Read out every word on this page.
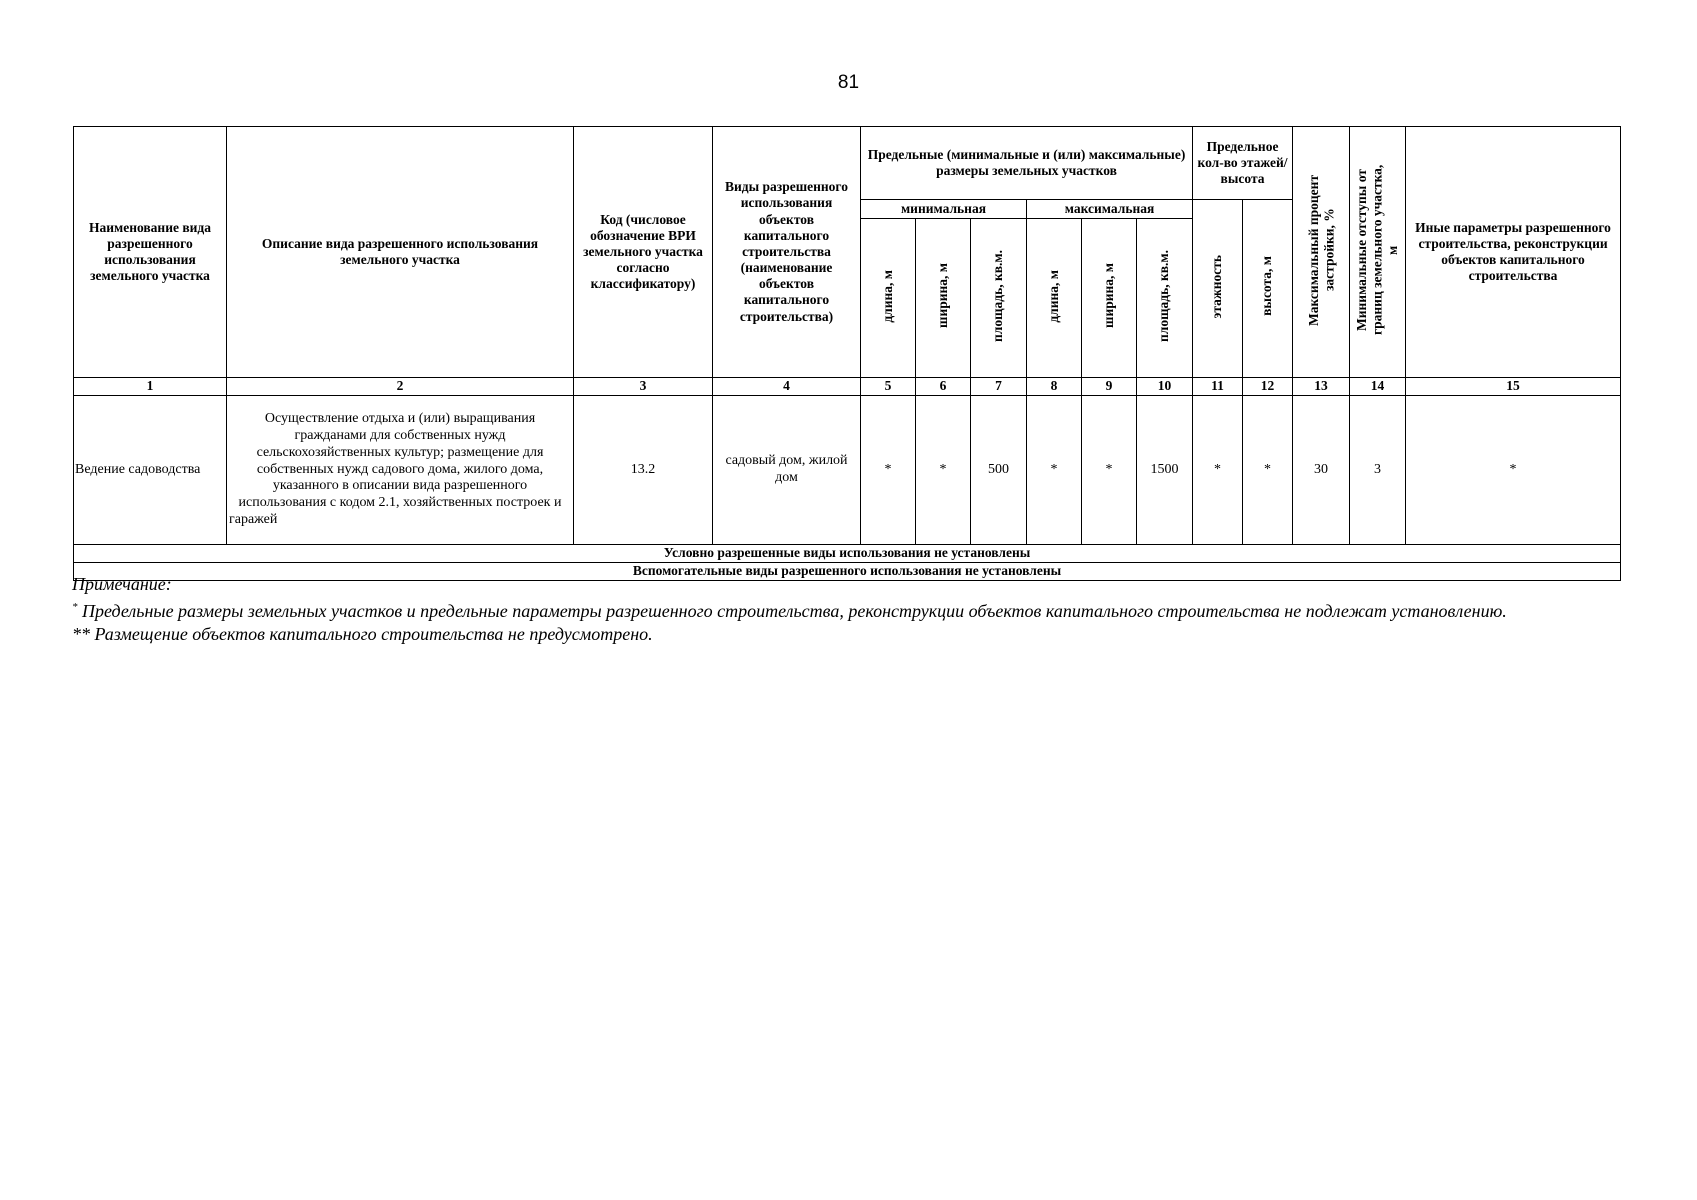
81
Наименование вида разрешенного использования земельного участка	Описание вида разрешенного использования земельного участка	Код (числовое обозначение ВРИ земельного участка согласно классификатору)	Виды разрешенного использования объектов капитального строительства (наименование объектов капитального строительства)	Предельные (минимальные и (или) максимальные) размеры земельных участков						Предельное кол-во этажей/ высота		Максимальный процент застройки, %	Минимальные отступы от границ земельного участка, м	Иные параметры разрешенного строительства, реконструкции объектов капитального строительства
				минимальная			максимальная			этажность	высота, м			
				длина, м	ширина, м	площадь, кв.м.	длина, м	ширина, м	площадь, кв.м.					
1	2	3	4	5	6	7	8	9	10	11	12	13	14	15
Ведение садоводства	Осуществление отдыха и (или) выращивания гражданами для собственных нужд сельскохозяйственных культур; размещение для собственных нужд садового дома, жилого дома, указанного в описании вида разрешенного использования с кодом 2.1, хозяйственных построек и гаражей	13.2	садовый дом, жилой дом	*	*	500	*	*	1500	*	*	30	3	*
Условно разрешенные виды использования не установлены														
Вспомогательные виды разрешенного использования не установлены														

Примечание:

* Предельные размеры земельных участков и предельные параметры разрешенного строительства, реконструкции объектов капитального строительства не подлежат установлению.

** Размещение объектов капитального строительства не предусмотрено.
